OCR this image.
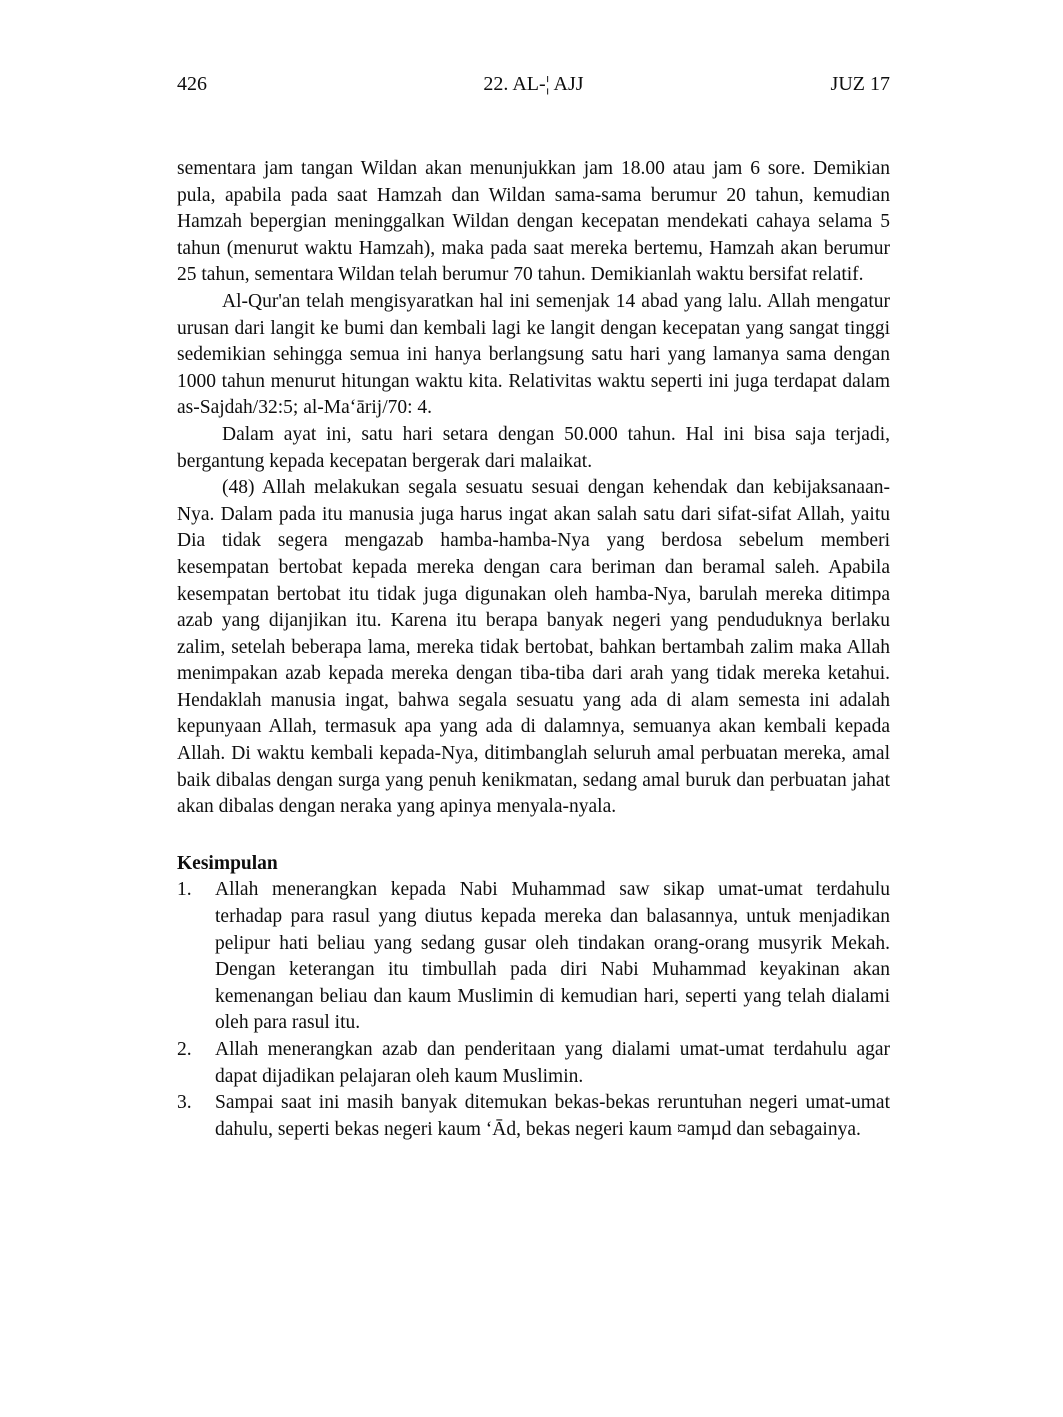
426	22. AL-¦ AJJ	JUZ 17

sementara jam tangan Wildan akan menunjukkan jam 18.00 atau jam 6 sore. Demikian pula, apabila pada saat Hamzah dan Wildan sama-sama berumur 20 tahun, kemudian Hamzah bepergian meninggalkan Wildan dengan kecepatan mendekati cahaya selama 5 tahun (menurut waktu Hamzah), maka pada saat mereka bertemu, Hamzah akan berumur 25 tahun, sementara Wildan telah berumur 70 tahun. Demikianlah waktu bersifat relatif.

Al-Qur'an telah mengisyaratkan hal ini semenjak 14 abad yang lalu. Allah mengatur urusan dari langit ke bumi dan kembali lagi ke langit dengan kecepatan yang sangat tinggi sedemikian sehingga semua ini hanya berlangsung satu hari yang lamanya sama dengan 1000 tahun menurut hitungan waktu kita. Relativitas waktu seperti ini juga terdapat dalam as-Sajdah/32:5; al-Ma‘ārij/70: 4.

Dalam ayat ini, satu hari setara dengan 50.000 tahun. Hal ini bisa saja terjadi, bergantung kepada kecepatan bergerak dari malaikat.

(48) Allah melakukan segala sesuatu sesuai dengan kehendak dan kebijaksanaan-Nya. Dalam pada itu manusia juga harus ingat akan salah satu dari sifat-sifat Allah, yaitu Dia tidak segera mengazab hamba-hamba-Nya yang berdosa sebelum memberi kesempatan bertobat kepada mereka dengan cara beriman dan beramal saleh. Apabila kesempatan bertobat itu tidak juga digunakan oleh hamba-Nya, barulah mereka ditimpa azab yang dijanjikan itu. Karena itu berapa banyak negeri yang penduduknya berlaku zalim, setelah beberapa lama, mereka tidak bertobat, bahkan bertambah zalim maka Allah menimpakan azab kepada mereka dengan tiba-tiba dari arah yang tidak mereka ketahui. Hendaklah manusia ingat, bahwa segala sesuatu yang ada di alam semesta ini adalah kepunyaan Allah, termasuk apa yang ada di dalamnya, semuanya akan kembali kepada Allah. Di waktu kembali kepada-Nya, ditimbanglah seluruh amal perbuatan mereka, amal baik dibalas dengan surga yang penuh kenikmatan, sedang amal buruk dan perbuatan jahat akan dibalas dengan neraka yang apinya menyala-nyala.

Kesimpulan
1.	Allah menerangkan kepada Nabi Muhammad saw sikap umat-umat terdahulu terhadap para rasul yang diutus kepada mereka dan balasannya, untuk menjadikan pelipur hati beliau yang sedang gusar oleh tindakan orang-orang musyrik Mekah. Dengan keterangan itu timbullah pada diri Nabi Muhammad keyakinan akan kemenangan beliau dan kaum Muslimin di kemudian hari, seperti yang telah dialami oleh para rasul itu.
2.	Allah menerangkan azab dan penderitaan yang dialami umat-umat terdahulu agar dapat dijadikan pelajaran oleh kaum Muslimin.
3.	Sampai saat ini masih banyak ditemukan bekas-bekas reruntuhan negeri umat-umat dahulu, seperti bekas negeri kaum ‘Ād, bekas negeri kaum ¤amµd dan sebagainya.
